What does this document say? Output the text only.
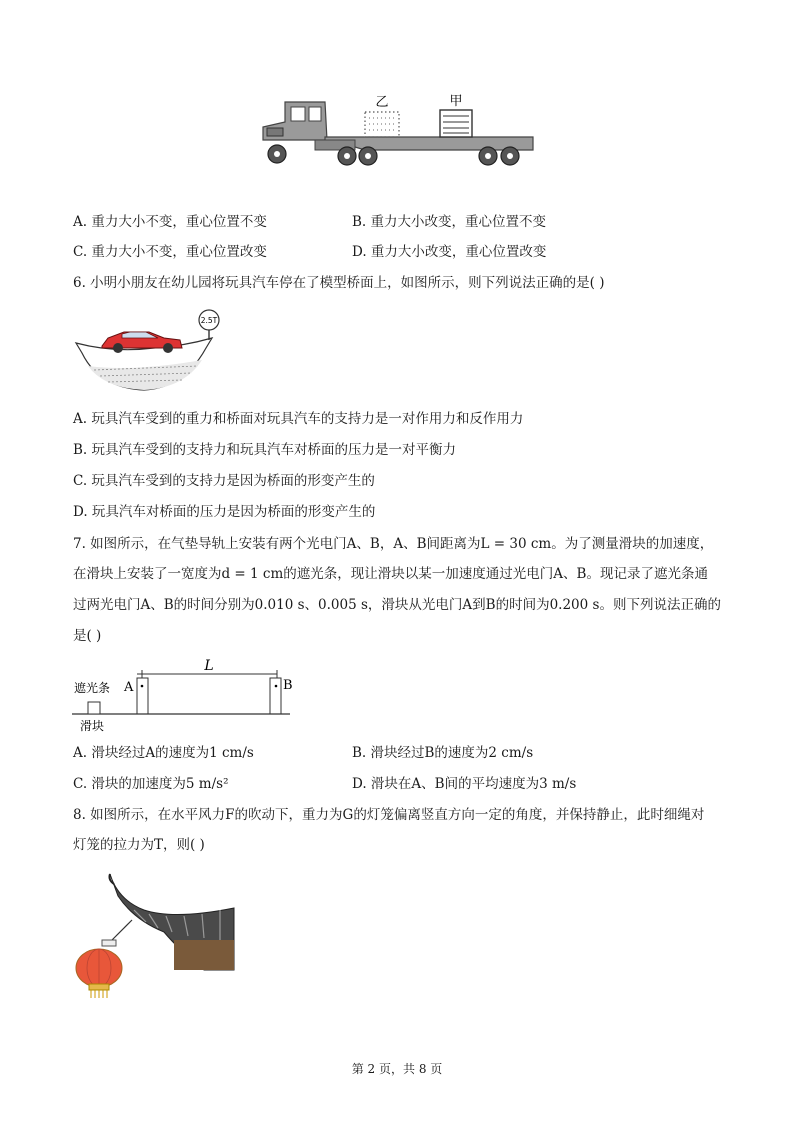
乙	甲
A. 重力大小不变，重心位置不变	B. 重力大小改变，重心位置不变
C. 重力大小不变，重心位置改变	D. 重力大小改变，重心位置改变
6. 小明小朋友在幼儿园将玩具汽车停在了模型桥面上，如图所示，则下列说法正确的是( )
2.5T
A. 玩具汽车受到的重力和桥面对玩具汽车的支持力是一对作用力和反作用力
B. 玩具汽车受到的支持力和玩具汽车对桥面的压力是一对平衡力
C. 玩具汽车受到的支持力是因为桥面的形变产生的
D. 玩具汽车对桥面的压力是因为桥面的形变产生的
7. 如图所示，在气垫导轨上安装有两个光电门A、B，A、B间距离为L = 30 cm。为了测量滑块的加速度，
在滑块上安装了一宽度为d = 1 cm的遮光条，现让滑块以某一加速度通过光电门A、B。现记录了遮光条通
过两光电门A、B的时间分别为0.010 s、0.005 s，滑块从光电门A到B的时间为0.200 s。则下列说法正确的
是( )
L
A	B
遮光条
滑块
A. 滑块经过A的速度为1 cm/s	B. 滑块经过B的速度为2 cm/s
C. 滑块的加速度为5 m/s²	D. 滑块在A、B间的平均速度为3 m/s
8. 如图所示，在水平风力F的吹动下，重力为G的灯笼偏离竖直方向一定的角度，并保持静止，此时细绳对
灯笼的拉力为T，则( )
第 2 页，共 8 页
